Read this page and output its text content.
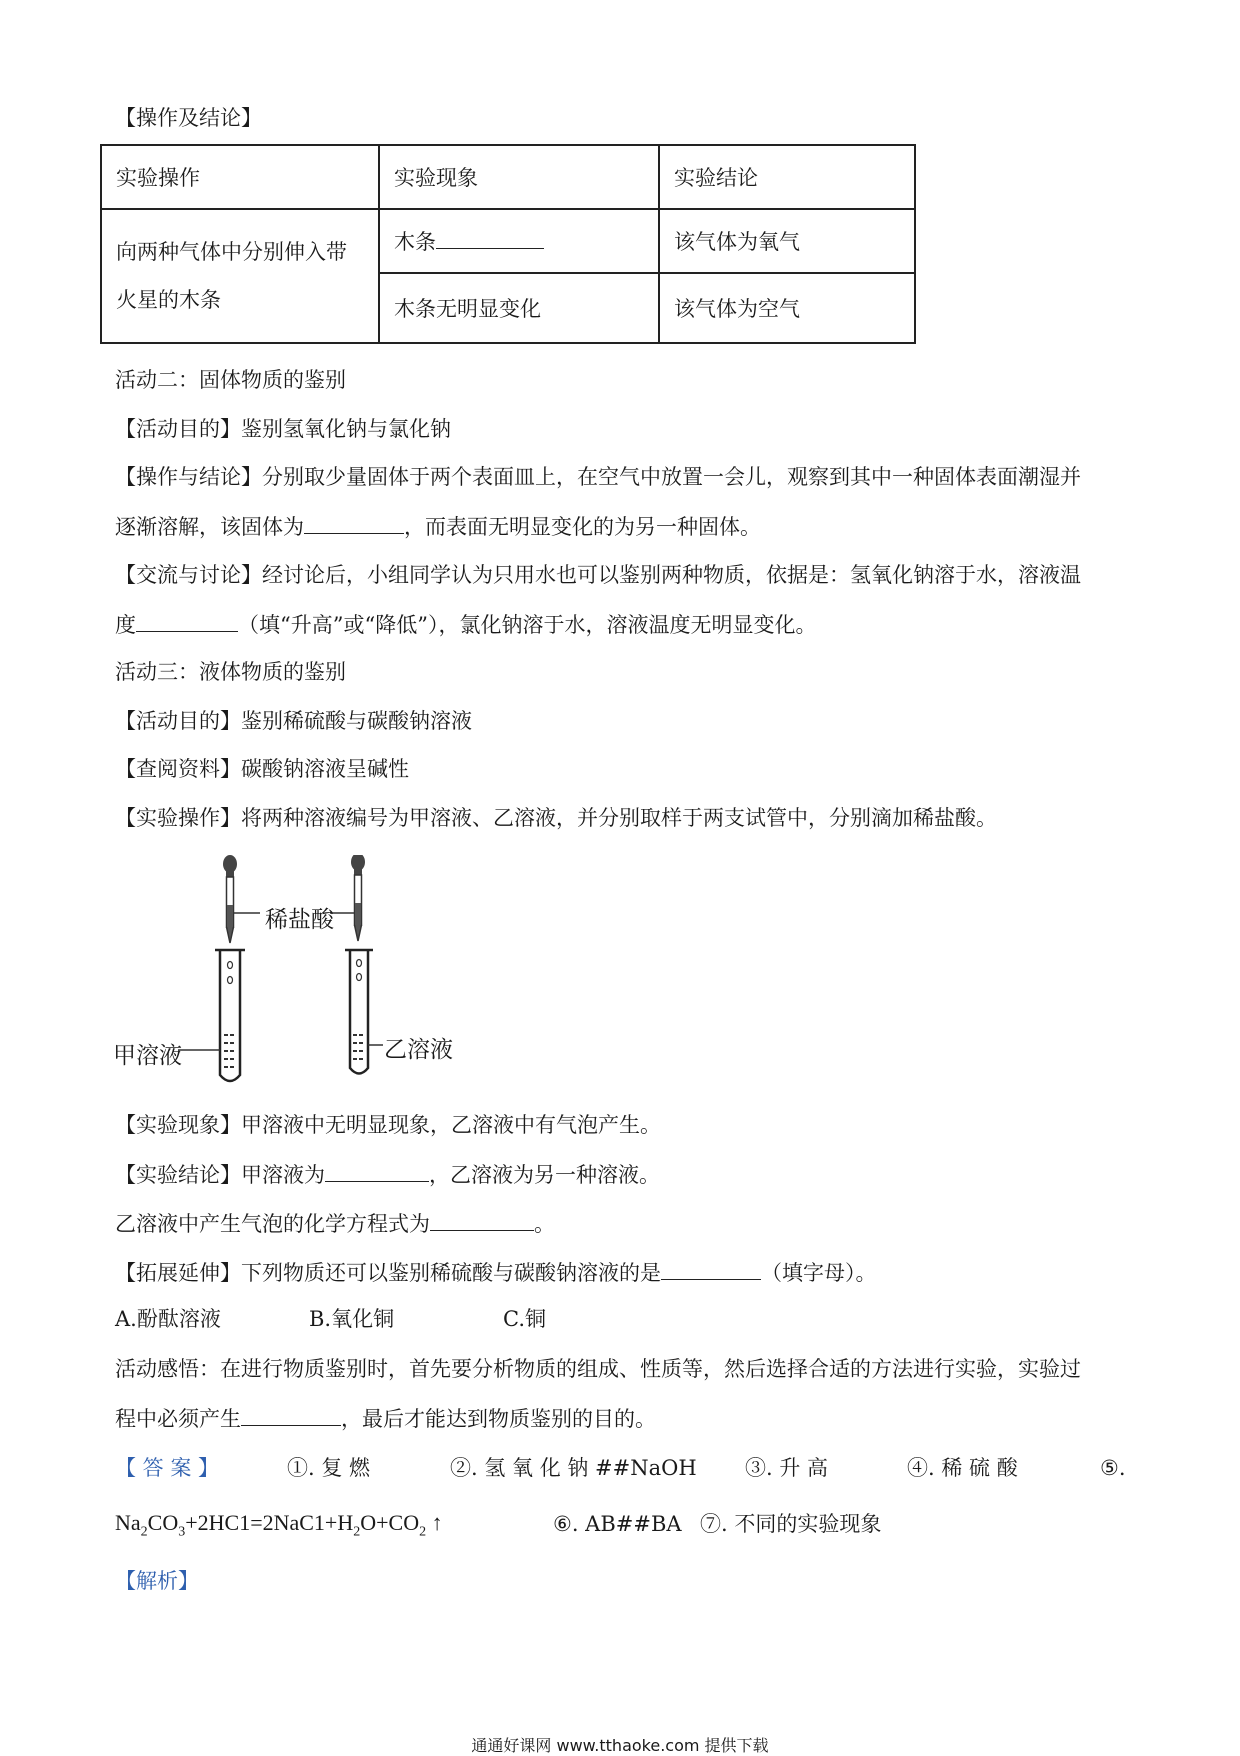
【操作及结论】
实验操作	实验现象	实验结论

向两种气体中分别伸入带
火星的木条	木条	该气体为氧气
	木条无明显变化	该气体为空气
活动二：固体物质的鉴别
【活动目的】鉴别氢氧化钠与氯化钠
【操作与结论】分别取少量固体于两个表面皿上，在空气中放置一会儿，观察到其中一种固体表面潮湿并
逐渐溶解，该固体为	，而表面无明显变化的为另一种固体。
【交流与讨论】经讨论后，小组同学认为只用水也可以鉴别两种物质，依据是：氢氧化钠溶于水，溶液温
度	（填“升高”或“降低”），氯化钠溶于水，溶液温度无明显变化。
活动三：液体物质的鉴别
【活动目的】鉴别稀硫酸与碳酸钠溶液
【查阅资料】碳酸钠溶液呈碱性
【实验操作】将两种溶液编号为甲溶液、乙溶液，并分别取样于两支试管中，分别滴加稀盐酸。
稀盐酸
甲溶液	乙溶液
【实验现象】甲溶液中无明显现象，乙溶液中有气泡产生。
【实验结论】甲溶液为	，乙溶液为另一种溶液。
乙溶液中产生气泡的化学方程式为	。
【拓展延伸】下列物质还可以鉴别稀硫酸与碳酸钠溶液的是	（填字母）。
A.酚酞溶液	B.氧化铜	C.铜
活动感悟：在进行物质鉴别时，首先要分析物质的组成、性质等，然后选择合适的方法进行实验，实验过
程中必须产生	，最后才能达到物质鉴别的目的。
【 答 案 】	①. 复 燃	②. 氢 氧 化 钠 ##NaOH ③. 升 高	④. 稀 硫 酸	⑤.
$Na_2CO_3+2HC1=2NaC1+H_2O+CO_2$ ↑	⑥. AB##BA ⑦. 不同的实验现象
【解析】
通通好课网 www.tthaoke.com 提供下载
